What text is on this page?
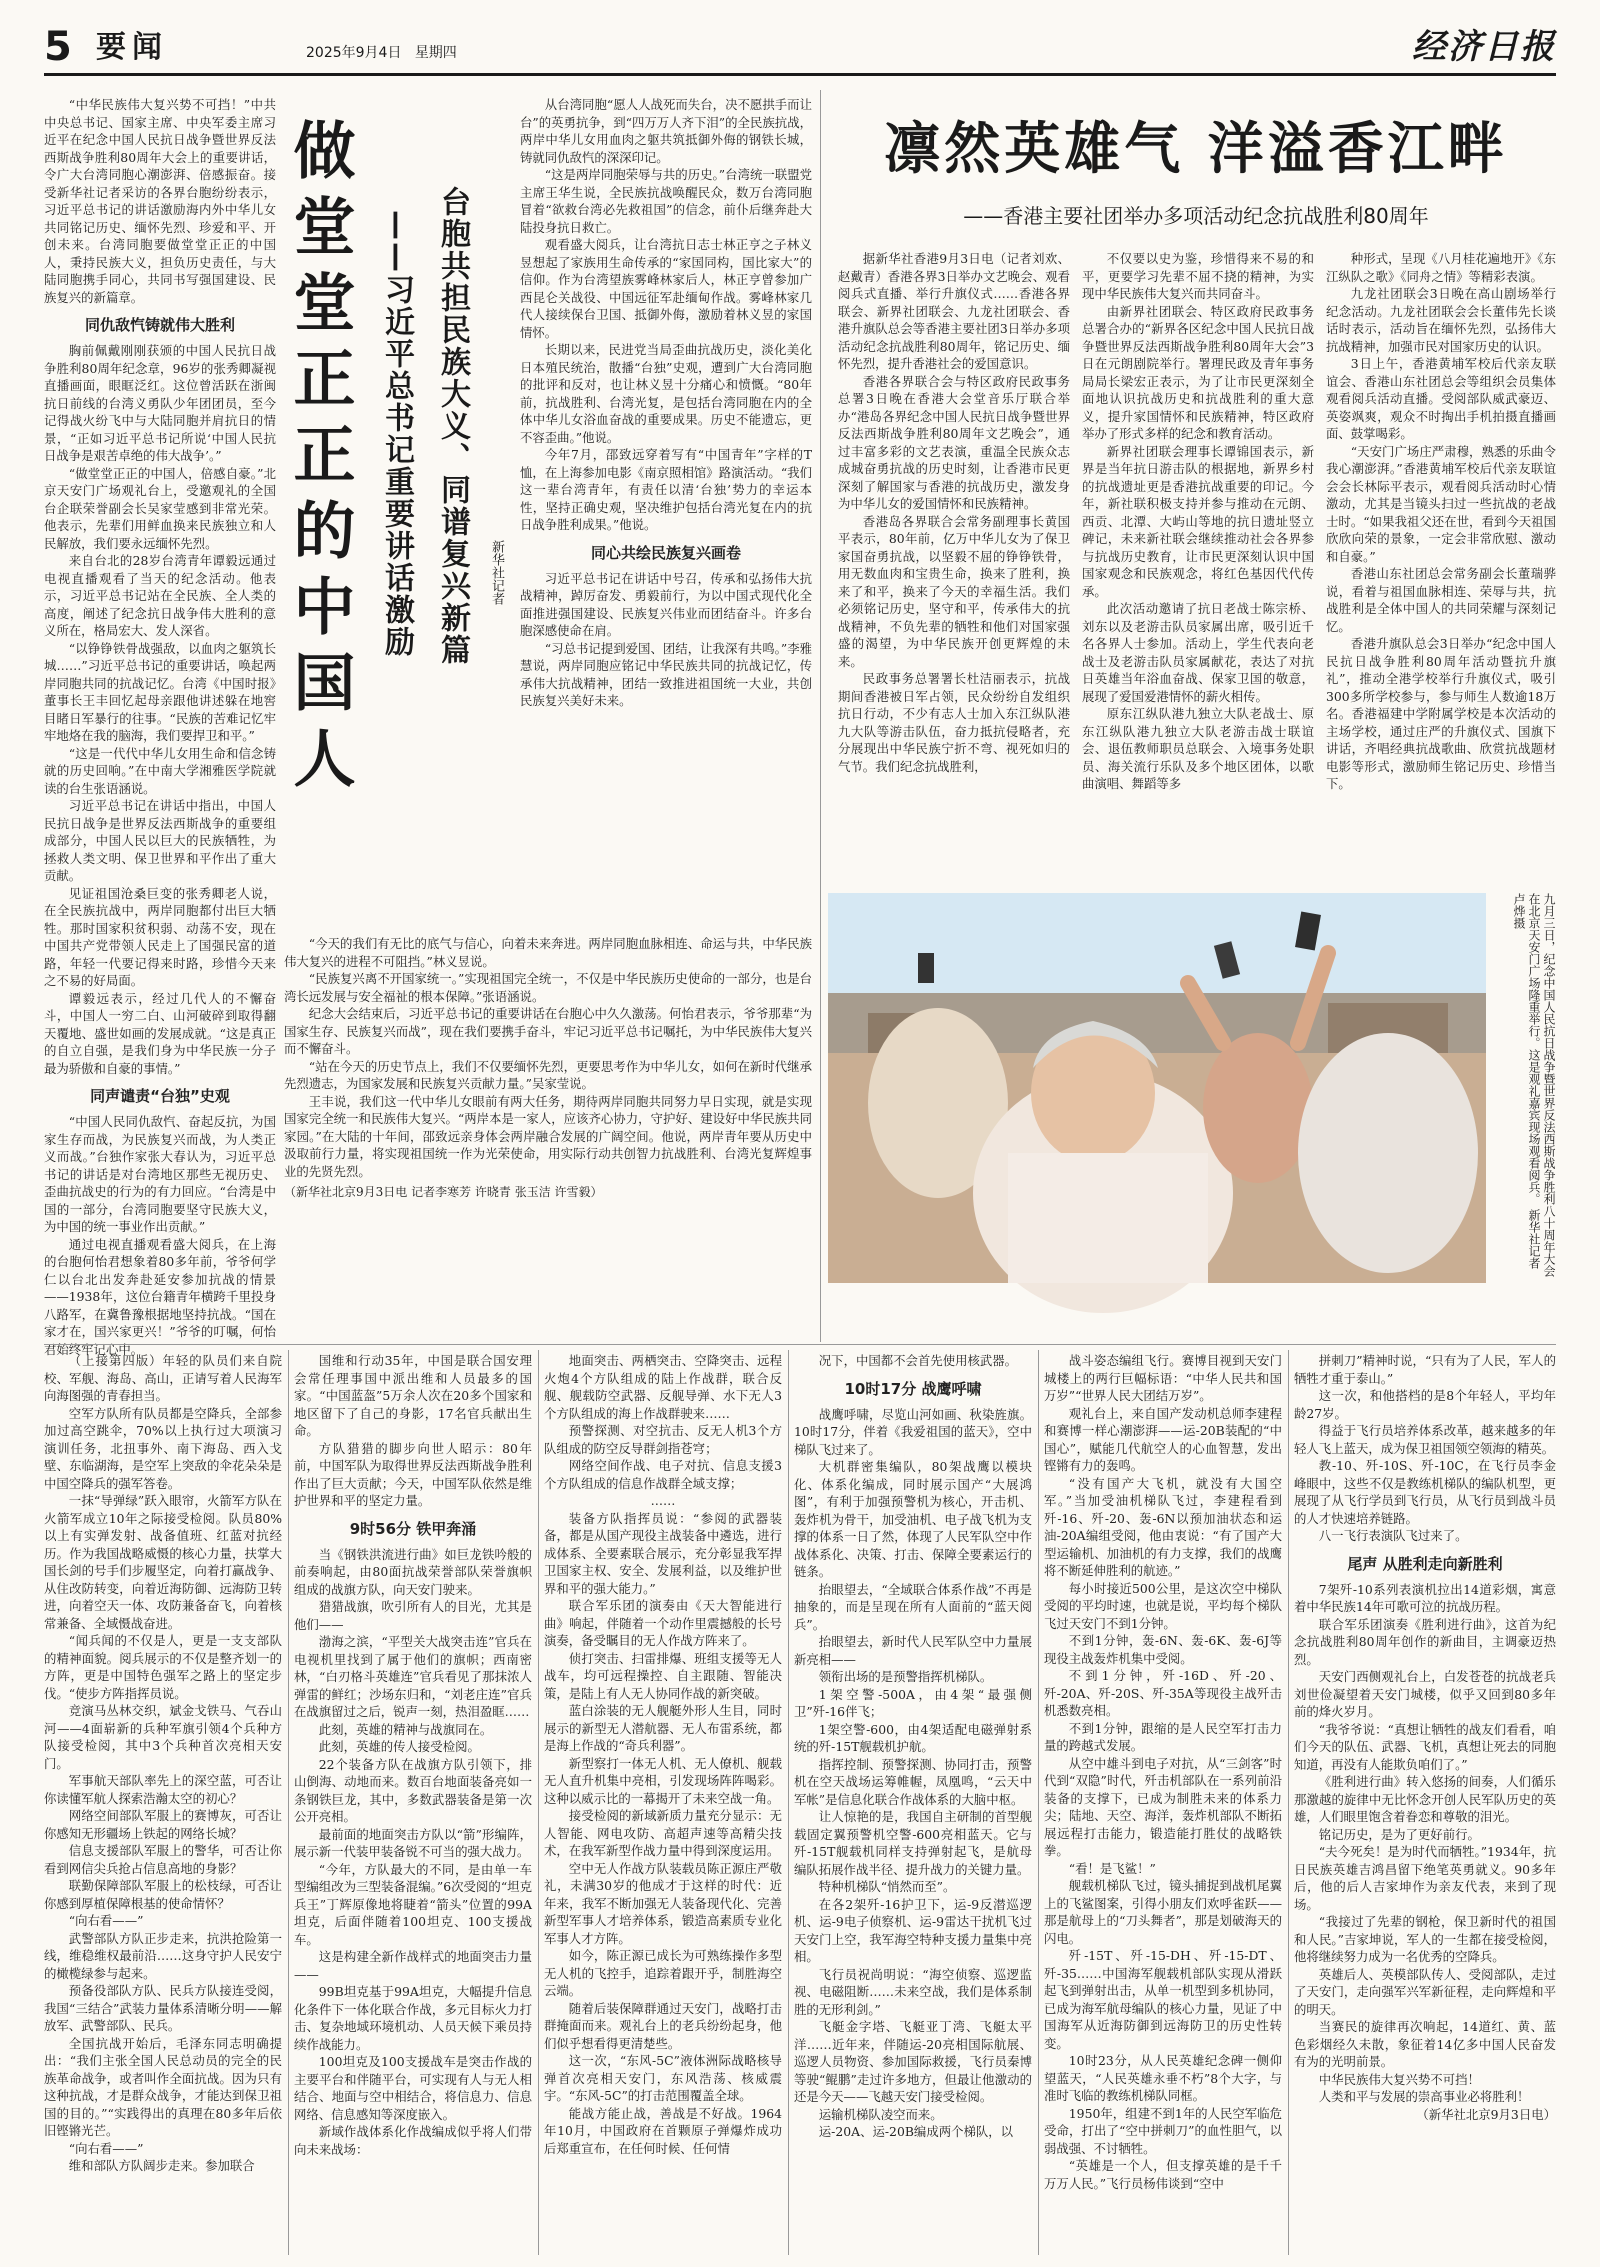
5 要闻	2025年9月4日 星期四	经济日报

“中华民族伟大复兴势不可挡！”中共中央总书记、国家主席、中央军委主席习近平在纪念中国人民抗日战争暨世界反法西斯战争胜利80周年大会上的重要讲话，令广大台湾同胞心潮澎湃、倍感振奋。接受新华社记者采访的各界台胞纷纷表示，习近平总书记的讲话激励海内外中华儿女共同铭记历史、缅怀先烈、珍爱和平、开创未来。台湾同胞要做堂堂正正的中国人，秉持民族大义，担负历史责任，与大陆同胞携手同心，共同书写强国建设、民族复兴的新篇章。

同仇敌忾铸就伟大胜利

胸前佩戴刚刚获颁的中国人民抗日战争胜利80周年纪念章，96岁的张秀卿凝视直播画面，眼眶泛红。这位曾活跃在浙闽抗日前线的台湾义勇队少年团团员，至今记得战火纷飞中与大陆同胞并肩抗日的情景，“正如习近平总书记所说‘中国人民抗日战争是艰苦卓绝的伟大战争’。”

“做堂堂正正的中国人，倍感自豪。”北京天安门广场观礼台上，受邀观礼的全国台企联荣誉副会长吴家莹感到非常光荣。他表示，先辈们用鲜血换来民族独立和人民解放，我们要永远缅怀先烈。

来自台北的28岁台湾青年谭毅远通过电视直播观看了当天的纪念活动。他表示，习近平总书记站在全民族、全人类的高度，阐述了纪念抗日战争伟大胜利的意义所在，格局宏大、发人深省。

“以铮铮铁骨战强敌，以血肉之躯筑长城……”习近平总书记的重要讲话，唤起两岸同胞共同的抗战记忆。台湾《中国时报》董事长王丰回忆起母亲跟他讲述躲在地窖目睹日军暴行的往事。“民族的苦难记忆牢牢地烙在我的脑海，我们要捍卫和平。”

“这是一代代中华儿女用生命和信念铸就的历史回响。”在中南大学湘雅医学院就读的台生张语涵说。

习近平总书记在讲话中指出，中国人民抗日战争是世界反法西斯战争的重要组成部分，中国人民以巨大的民族牺牲，为拯救人类文明、保卫世界和平作出了重大贡献。

见证祖国沧桑巨变的张秀卿老人说，在全民族抗战中，两岸同胞都付出巨大牺牲。那时国家积贫积弱、动荡不安，现在中国共产党带领人民走上了国强民富的道路，年轻一代要记得来时路，珍惜今天来之不易的好局面。

谭毅远表示，经过几代人的不懈奋斗，中国人一穷二白、山河破碎到取得翻天覆地、盛世如画的发展成就。“这是真正的自立自强，是我们身为中华民族一分子最为骄傲和自豪的事情。”

同声谴责“台独”史观

“中国人民同仇敌忾、奋起反抗，为国家生存而战，为民族复兴而战，为人类正义而战。”台独作家张大春认为，习近平总书记的讲话是对台湾地区那些无视历史、歪曲抗战史的行为的有力回应。“台湾是中国的一部分，台湾同胞要坚守民族大义，为中国的统一事业作出贡献。”

通过电视直播观看盛大阅兵，在上海的台胞何怡君想象着80多年前，爷爷何学仁以台北出发奔赴延安参加抗战的情景——1938年，这位台籍青年横跨千里投身八路军，在冀鲁豫根据地坚持抗战。“国在家才在，国兴家更兴！”爷爷的叮嘱，何怡君始终牢记心中。

做堂堂正正的中国人	台胞共担民族大义、同谱复兴新篇
——习近平总书记重要讲话激励	新华社记者

从台湾同胞“愿人人战死而失台，决不愿拱手而让台”的英勇抗争，到“四万万人齐下泪”的全民族抗战，两岸中华儿女用血肉之躯共筑抵御外侮的钢铁长城，铸就同仇敌忾的深深印记。

“这是两岸同胞荣辱与共的历史。”台湾统一联盟党主席王华生说，全民族抗战唤醒民众，数万台湾同胞冒着“欲救台湾必先救祖国”的信念，前仆后继奔赴大陆投身抗日救亡。

观看盛大阅兵，让台湾抗日志士林正亨之子林义昱想起了家族用生命传承的“家国同构，国比家大”的信仰。作为台湾望族雾峰林家后人，林正亨曾参加广西昆仑关战役、中国远征军赴缅甸作战。雾峰林家几代人接续保台卫国、抵御外侮，激励着林义昱的家国情怀。

长期以来，民进党当局歪曲抗战历史，淡化美化日本殖民统治，散播“台独”史观，遭到广大台湾同胞的批评和反对，也让林义昱十分痛心和愤慨。“80年前，抗战胜利、台湾光复，是包括台湾同胞在内的全体中华儿女浴血奋战的重要成果。历史不能遗忘，更不容歪曲。”他说。

今年7月，邵致远穿着写有“中国青年”字样的T恤，在上海参加电影《南京照相馆》路演活动。“我们这一辈台湾青年，有责任以清‘台独’势力的幸运本性，坚持正确史观，坚决维护包括台湾光复在内的抗日战争胜利成果。”他说。

同心共绘民族复兴画卷

习近平总书记在讲话中号召，传承和弘扬伟大抗战精神，踔厉奋发、勇毅前行，为以中国式现代化全面推进强国建设、民族复兴伟业而团结奋斗。许多台胞深感使命在肩。

“习总书记提到爱国、团结，让我深有共鸣。”李雅慧说，两岸同胞应铭记中华民族共同的抗战记忆，传承伟大抗战精神，团结一致推进祖国统一大业，共创民族复兴美好未来。

“今天的我们有无比的底气与信心，向着未来奔进。两岸同胞血脉相连、命运与共，中华民族伟大复兴的进程不可阻挡。”林义昱说。

“民族复兴离不开国家统一。”实现祖国完全统一，不仅是中华民族历史使命的一部分，也是台湾长远发展与安全福祉的根本保障。”张语涵说。

纪念大会结束后，习近平总书记的重要讲话在台胞心中久久激荡。何怡君表示，爷爷那辈“为国家生存、民族复兴而战”，现在我们要携手奋斗，牢记习近平总书记嘱托，为中华民族伟大复兴而不懈奋斗。

“站在今天的历史节点上，我们不仅要缅怀先烈，更要思考作为中华儿女，如何在新时代继承先烈遗志，为国家发展和民族复兴贡献力量。”吴家莹说。

王丰说，我们这一代中华儿女眼前有两大任务，期待两岸同胞共同努力早日实现，就是实现国家完全统一和民族伟大复兴。“两岸本是一家人，应该齐心协力，守护好、建设好中华民族共同家园。”在大陆的十年间，邵致远亲身体会两岸融合发展的广阔空间。他说，两岸青年要从历史中汲取前行力量，将实现祖国统一作为光荣使命，用实际行动共创智力抗战胜利、台湾光复辉煌事业的先贤先烈。

（新华社北京9月3日电 记者李寒芳 许晓青 张玉洁 许雪毅）

凛然英雄气 洋溢香江畔
——香港主要社团举办多项活动纪念抗战胜利80周年

据新华社香港9月3日电（记者刘欢、赵戴青）香港各界3日举办文艺晚会、观看阅兵式直播、举行升旗仪式……香港各界联会、新界社团联会、九龙社团联会、香港升旗队总会等香港主要社团3日举办多项活动纪念抗战胜利80周年，铭记历史、缅怀先烈，提升香港社会的爱国意识。

香港各界联合会与特区政府民政事务总署3日晚在香港大会堂音乐厅联合举办“港岛各界纪念中国人民抗日战争暨世界反法西斯战争胜利80周年文艺晚会”，通过丰富多彩的文艺表演，重温全民族众志成城奋勇抗战的历史时刻，让香港市民更深刻了解国家与香港的抗战历史，激发身为中华儿女的爱国情怀和民族精神。

香港岛各界联合会常务副理事长黄国平表示，80年前，亿万中华儿女为了保卫家国奋勇抗战，以坚毅不屈的铮铮铁骨，用无数血肉和宝贵生命，换来了胜利，换来了和平，换来了今天的幸福生活。我们必须铭记历史，坚守和平，传承伟大的抗战精神，不负先辈的牺牲和他们对国家强盛的渴望，为中华民族开创更辉煌的未来。

民政事务总署署长杜洁丽表示，抗战期间香港被日军占领，民众纷纷自发组织抗日行动，不少有志人士加入东江纵队港九大队等游击队伍，奋力抵抗侵略者，充分展现出中华民族宁折不弯、视死如归的气节。我们纪念抗战胜利，

不仅要以史为鉴，珍惜得来不易的和平，更要学习先辈不屈不挠的精神，为实现中华民族伟大复兴而共同奋斗。

由新界社团联会、特区政府民政事务总署合办的“新界各区纪念中国人民抗日战争暨世界反法西斯战争胜利80周年大会”3日在元朗剧院举行。署理民政及青年事务局局长梁宏正表示，为了让市民更深刻全面地认识抗战历史和抗战胜利的重大意义，提升家国情怀和民族精神，特区政府举办了形式多样的纪念和教育活动。

新界社团联会理事长谭锦国表示，新界是当年抗日游击队的根据地，新界乡村的抗战遗址更是香港抗战重要的印记。今年，新社联积极支持并参与推动在元朗、西贡、北潭、大屿山等地的抗日遗址竖立碑记，未来新社联会继续推动社会各界参与抗战历史教育，让市民更深刻认识中国国家观念和民族观念，将红色基因代代传承。

此次活动邀请了抗日老战士陈宗桥、刘东以及老游击队员家属出席，吸引近千名各界人士参加。活动上，学生代表向老战士及老游击队员家属献花，表达了对抗日英雄当年浴血奋战、保家卫国的敬意，展现了爱国爱港情怀的薪火相传。

原东江纵队港九独立大队老战士、原东江纵队港九独立大队老游击战士联谊会、退伍教师职员总联会、入境事务处职员、海关流行乐队及多个地区团体，以歌曲演唱、舞蹈等多

种形式，呈现《八月桂花遍地开》《东江纵队之歌》《同舟之情》等精彩表演。

九龙社团联会3日晚在高山剧场举行纪念活动。九龙社团联会会长董伟先长谈话时表示，活动旨在缅怀先烈，弘扬伟大抗战精神，加强市民对国家历史的认识。

3日上午，香港黄埔军校后代亲友联谊会、香港山东社团总会等组织会员集体观看阅兵活动直播。受阅部队威武豪迈、英姿飒爽，观众不时掏出手机拍摄直播画面、鼓掌喝彩。

“天安门广场庄严肃穆，熟悉的乐曲令我心潮澎湃。”香港黄埔军校后代亲友联谊会会长林际平表示，观看阅兵活动时心情激动，尤其是当镜头扫过一些抗战的老战士时。“如果我祖父还在世，看到今天祖国欣欣向荣的景象，一定会非常欣慰、激动和自豪。”

香港山东社团总会常务副会长董瑞骅说，看着与祖国血脉相连、荣辱与共，抗战胜利是全体中国人的共同荣耀与深刻记忆。

香港升旗队总会3日举办“纪念中国人民抗日战争胜利80周年活动暨抗升旗礼”，推动全港学校举行升旗仪式，吸引300多所学校参与，参与师生人数逾18万名。香港福建中学附属学校是本次活动的主场学校，通过庄严的升旗仪式、国旗下讲话，齐唱经典抗战歌曲、欣赏抗战题材电影等形式，激励师生铭记历史、珍惜当下。

九月三日，纪念中国人民抗日战争暨世界反法西斯战争胜利八十周年大会在北京天安门广场隆重举行。这是观礼嘉宾现场观看阅兵。 新华社记者 卢烨摄

（上接第四版）年轻的队员们来自院校、军舰、海岛、高山，正请写着人民海军向海图强的青春担当。

空军方队所有队员都是空降兵，全部参加过高空跳伞，70%以上执行过大项演习演训任务，北扭事外、南下海岛、西入戈壁、东临湖海，是空军上突敌的伞花朵朵是中国空降兵的强军答卷。

一抹“导弹绿”跃入眼帘，火箭军方队在火箭军成立10年之际接受检阅。队员80%以上有实弹发射、战备值班、红蓝对抗经历。作为我国战略威慑的核心力量，扶掌大国长剑的号手们步履坚定，向着打赢战争、从住改防转变，向着近海防御、远海防卫转进，向着空天一体、攻防兼备奋飞，向着核常兼备、全域慑战奋进。

“闻兵闻的不仅是人，更是一支支部队的精神面貌。阅兵展示的不仅是整齐划一的方阵，更是中国特色强军之路上的坚定步伐。“使步方阵指挥员说。

竞演马丛林交织，斌金戈铁马、气吞山河——4面崭新的兵种军旗引领4个兵种方队接受检阅，其中3个兵种首次亮相天安门。

军事航天部队率先上的深空蓝，可否让你读懂军航人探索浩瀚太空的初心？

网络空间部队军服上的赛博灰，可否让你感知无形疆场上铁起的网络长城？

信息支援部队军服上的警华，可否让你看到网信尖兵抢占信息高地的身影？

联勤保障部队军服上的松枝绿，可否让你感到厚植保障根基的使命情怀？

“向右看——”

武警部队方队正步走来，抗洪抢险第一线，维稳维权最前沿……这身守护人民安宁的橄榄绿参与起来。

预备役部队方队、民兵方队接连受阅，我国“三结合”武装力量体系清晰分明——解放军、武警部队、民兵。

全国抗战开始后，毛泽东同志明确提出：“我们主张全国人民总动员的完全的民族革命战争，或者叫作全面抗战。因为只有这种抗战，才是群众战争，才能达到保卫祖国的目的。”“实践得出的真理在80多年后依旧铿锵光芒。

“向右看——”

维和部队方队阔步走来。参加联合

国维和行动35年，中国是联合国安理会常任理事国中派出维和人员最多的国家。“中国蓝盔”5万余人次在20多个国家和地区留下了自己的身影，17名官兵献出生命。

方队猎猎的脚步向世人昭示：80年前，中国军队为取得世界反法西斯战争胜利作出了巨大贡献；今天，中国军队依然是维护世界和平的坚定力量。

9时56分 铁甲奔涌

当《钢铁洪流进行曲》如巨龙铁吟般的前奏响起，由80面抗战荣誉部队荣誉旗帜组成的战旗方队，向天安门驶来。

猎猎战旗，吹引所有人的目光，尤其是他们——

渤海之滨，“平型关大战突击连”官兵在电视机里找到了属于他们的旗帜；西南密林，“白刃格斗英雄连”官兵看见了那抹浓人弹雷的鲜红；沙场东归和，“刘老庄连”官兵在战旗留过之后，锐声一刻，热泪盈眶……

此刻，英雄的精神与战旗同在。

此刻，英雄的传人接受检阅。

22个装备方队在战旗方队引领下，排山倒海、动地而来。数百台地面装备亮如一条钢铁巨龙，其中，多数武器装备是第一次公开亮相。

最前面的地面突击方队以“箭”形编阵，展示新一代装甲装备锐不可当的强大战力。

“今年，方队最大的不同，是由单一车型编组改为三型装备混编。”6次受阅的“坦克兵王”丁辉原像地将睫着“箭头”位置的99A坦克，后面伴随着100坦克、100支援战车。

这是构建全新作战样式的地面突击力量——

99B坦克基于99A坦克，大幅提升信息化条件下一体化联合作战，多元目标火力打击、复杂地域环境机动、人员天候下乘员持续作战能力。

100坦克及100支援战车是突击作战的主要平台和伴随平台，可实现有人与无人相结合、地面与空中相结合，将信息力、信息网络、信息感知等深度嵌入。

新域作战体系化作战编成似乎将人们带向未来战场：

地面突击、两栖突击、空降突击、远程火炮4个方队组成的陆上作战群，联合反舰、舰载防空武器、反舰导弹、水下无人3个方队组成的海上作战群驶来……

预警探测、对空抗击、反无人机3个方队组成的防空反导群剑指苍穹；

网络空间作战、电子对抗、信息支援3个方队组成的信息作战群全域支撑；

……

装备方队指挥员说：“参阅的武器装备，都是从国产现役主战装备中遴选，进行成体系、全要素联合展示，充分彰显我军捍卫国家主权、安全、发展利益，以及维护世界和平的强大能力。”

联合军乐团的演奏由《天大智能进行曲》响起，伴随着一个动作里震撼般的长号演奏，备受瞩目的无人作战方阵来了。

侦打突击、扫雷排爆、班组支援等无人战车，均可远程操控、自主跟随、智能决策，是陆上有人无人协同作战的新突破。

蓝白涂装的无人舰艇外形人生目，同时展示的新型无人潜航器、无人布雷系统，都是海上作战的“奇兵利器”。

新型察打一体无人机、无人僚机、舰载无人直升机集中亮相，引发现场阵阵喝彩。这种以威示比的一幕揭开了未来空战一角。

接受检阅的新域新质力量充分显示：无人智能、网电攻防、高超声速等高精尖技术，在我军新型作战力量中得到深度运用。

空中无人作战方队装载员陈正源庄严敬礼，未满30岁的他成才于这样的时代：近年来，我军不断加强无人装备现代化、完善新型军事人才培养体系，锻造高素质专业化军事人才方阵。

如今，陈正源已成长为可熟练操作多型无人机的飞控手，追踪着跟开乎，制胜海空云端。

随着后装保障群通过天安门，战略打击群掩面而来。观礼台上的老兵纷纷起身，他们似乎想看得更清楚些。

这一次，“东风-5C”液体洲际战略核导弹首次亮相天安门，东风浩荡、核威震宇。“东风-5C”的打击范围覆盖全球。

能战方能止战，善战是不好战。1964年10月，中国政府在首颗原子弹爆炸成功后郑重宣布，在任何时候、任何情

况下，中国都不会首先使用核武器。

10时17分 战鹰呼啸

战鹰呼啸，尽览山河如画、秋染旌旗。10时17分，伴着《我爱祖国的蓝天》，空中梯队飞过来了。

大机群密集编队，80架战鹰以模块化、体系化编成，同时展示国产“大展鸿图”，有利于加强预警机为核心，开击机、轰炸机为骨干，加受油机、电子战飞机为支撑的体系一日了然，体现了人民军队空中作战体系化、决策、打击、保障全要素运行的链条。

抬眼望去，“全域联合体系作战”不再是抽象的，而是呈现在所有人面前的“蓝天阅兵”。

抬眼望去，新时代人民军队空中力量展新亮相——

领衔出场的是预警指挥机梯队。

1架空警-500A，由4架“最强侧卫”歼-16伴飞；

1架空警-600，由4架适配电磁弹射系统的歼-15T舰载机护航。

指挥控制、预警探测、协同打击，预警机在空天战场运筹帷幄，凤凰鸣，“云天中军帐”是信息化联合作战体系的大脑中枢。

让人惊艳的是，我国自主研制的首型舰载固定翼预警机空警-600亮相蓝天。它与歼-15T舰载机同样支持弹射起飞，是航母编队拓展作战半径、提升战力的关键力量。

特种机梯队“悄然而至”。

在各2架歼-16护卫下，运-9反潜巡逻机、运-9电子侦察机、运-9雷达干扰机飞过天安门上空，我军海空特种支援力量集中亮相。

飞行员祝尚明说：“海空侦察、巡逻监视、电磁阻断……未来空战，我们是体系制胜的无形利剑。”

飞艇金字塔、飞艇亚丁湾、飞艇太平洋……近年来，伴随运-20亮相国际航展、巡逻人员物资、参加国际救援，飞行员秦博等驶“鲲鹏”走过许多地方，但最让他激动的还是今天——飞越天安门接受检阅。

运输机梯队凌空而来。

运-20A、运-20B编成两个梯队，以

战斗姿态编组飞行。赛博目视到天安门城楼上的两行巨幅标语：“中华人民共和国万岁”“世界人民大团结万岁”。

观礼台上，来自国产发动机总师李建程和赛博一样心潮澎湃——运-20B装配的“中国心”，赋能几代航空人的心血智慧，发出铿锵有力的轰鸣。

“没有国产大飞机，就没有大国空军。”当加受油机梯队飞过，李建程看到歼-16、歼-20、轰-6N以预加油状态和运油-20A编组受阅，他由衷说：“有了国产大型运输机、加油机的有力支撑，我们的战鹰将不断延伸胜利的航迹。”

每小时接近500公里，是这次空中梯队受阅的平均时速，也就是说，平均每个梯队飞过天安门不到1分钟。

不到1分钟，轰-6N、轰-6K、轰-6J等现役主战轰炸机集中受阅。

不到1分钟，歼-16D、歼-20、歼-20A、歼-20S、歼-35A等现役主战歼击机悉数亮相。

不到1分钟，跟缩的是人民空军打击力量的跨越式发展。

从空中雄斗到电子对抗，从“三剑客”时代到“双隐”时代，歼击机部队在一系列前沿装备的支撑下，已成为制胜未来的体系力尖；陆地、天空、海洋，轰炸机部队不断拓展远程打击能力，锻造能打胜仗的战略铁拳。

“看！是飞鲨！”

舰载机梯队飞过，镜头捕捉到战机尾翼上的飞鲨图案，引得小朋友们欢呼雀跃——那是航母上的“刀头舞者”，那是划破海天的闪电。

歼-15T、歼-15-DH、歼-15-DT、歼-35……中国海军舰载机部队实现从滑跃起飞到弹射出击，从单一机型到多机协同，已成为海军航母编队的核心力量，见证了中国海军从近海防御到远海防卫的历史性转变。

10时23分，从人民英雄纪念碑一侧仰望蓝天，“人民英雄永垂不朽”8个大字，与准时飞临的教练机梯队同框。

1950年，组建不到1年的人民空军临危受命，打出了“空中拼刺刀”的血性胆气，以弱战强、不讨牺牲。

“英雄是一个人，但支撑英雄的是千千万万人民。”飞行员杨伟谈到“空中

拼刺刀”精神时说，“只有为了人民，军人的牺牲才重于泰山。”

这一次，和他搭档的是8个年轻人，平均年龄27岁。

得益于飞行员培养体系改革，越来越多的年轻人飞上蓝天，成为保卫祖国领空领海的精英。

教-10、歼-10S、歼-10C，在飞行员李金峰眼中，这些不仅是教练机梯队的编队机型，更展现了从飞行学员到飞行员，从飞行员到战斗员的人才快速培养链路。

八一飞行表演队飞过来了。

尾声 从胜利走向新胜利

7架歼-10系列表演机拉出14道彩烟，寓意着中华民族14年可歌可泣的抗战历程。

联合军乐团演奏《胜利进行曲》，这首为纪念抗战胜利80周年创作的新曲目，主调豪迈热烈。

天安门西侧观礼台上，白发苍苍的抗战老兵刘世俭凝望着天安门城楼，似乎又回到80多年前的烽火岁月。

“我爷爷说：“真想让牺牲的战友们看看，咱们今天的队伍、武器、飞机，真想让死去的同胞知道，再没有人能欺负咱们了。”

《胜利进行曲》转入悠扬的间奏，人们循乐那激越的旋律中无比怀念开创人民军队历史的英雄，人们眼里饱含着眷恋和尊敬的泪光。

铭记历史，是为了更好前行。

“夫今死矣！是为时代而牺牲。”1934年，抗日民族英雄吉鸿昌留下绝笔英勇就义。90多年后，他的后人吉家坤作为亲友代表，来到了现场。

“我接过了先辈的钢枪，保卫新时代的祖国和人民。”吉家坤说，军人的一生都在接受检阅，他将继续努力成为一名优秀的空降兵。

英雄后人、英模部队传人、受阅部队，走过了天安门，走向强军兴军新征程，走向辉煌和平的明天。

当赛民的旋律再次响起，14道红、黄、蓝色彩烟经久未散，象征着14亿多中国人民奋发有为的光明前景。

中华民族伟大复兴势不可挡！

人类和平与发展的崇高事业必将胜利！

（新华社北京9月3日电）
